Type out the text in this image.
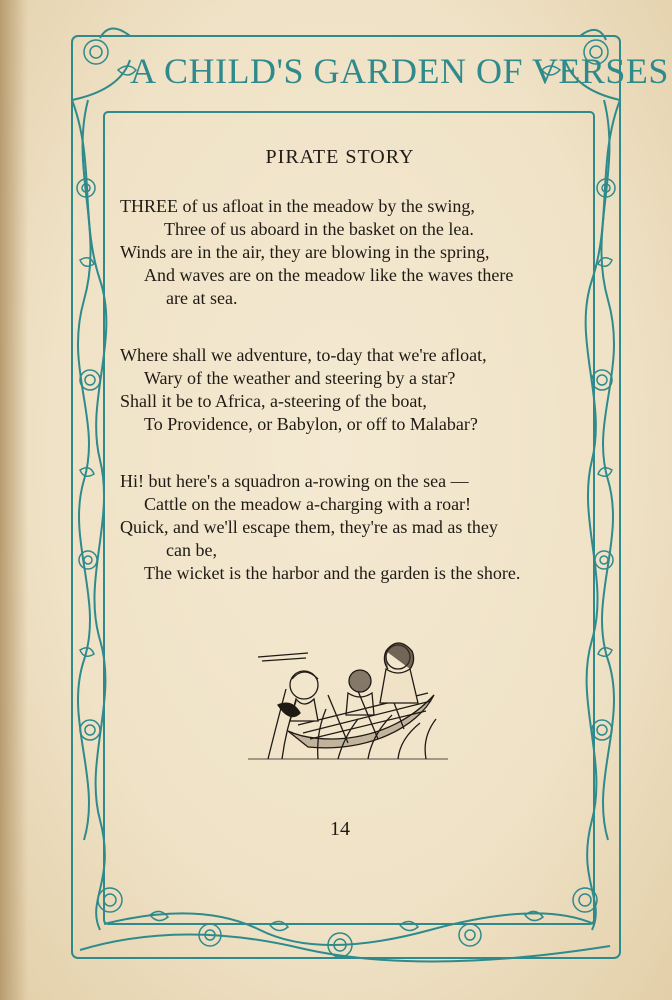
A CHILD'S GARDEN OF VERSES
PIRATE STORY
THREE of us afloat in the meadow by the swing,
Three of us aboard in the basket on the lea.
Winds are in the air, they are blowing in the spring,
And waves are on the meadow like the waves there
are at sea.
Where shall we adventure, to-day that we're afloat,
Wary of the weather and steering by a star?
Shall it be to Africa, a-steering of the boat,
To Providence, or Babylon, or off to Malabar?
Hi! but here's a squadron a-rowing on the sea —
Cattle on the meadow a-charging with a roar!
Quick, and we'll escape them, they're as mad as they
can be,
The wicket is the harbor and the garden is the shore.
14
